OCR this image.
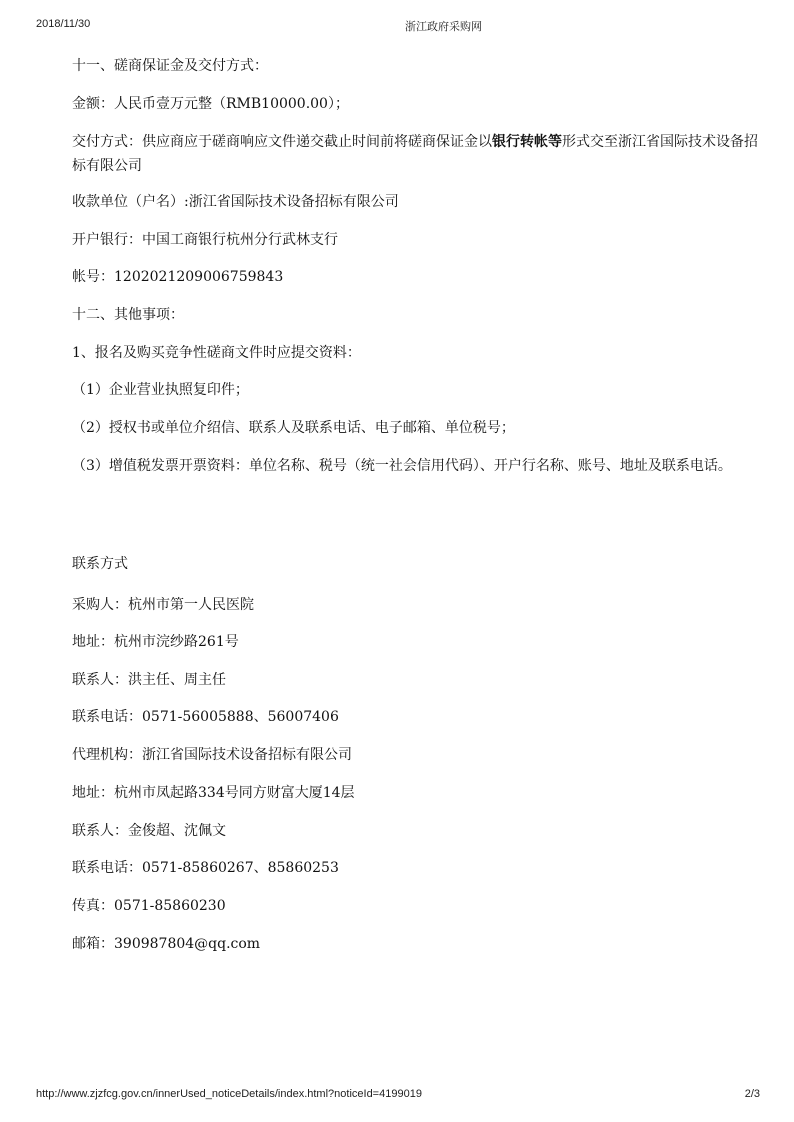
2018/11/30	浙江政府采购网

十一、磋商保证金及交付方式：

金额：人民币壹万元整（RMB10000.00）；

交付方式：供应商应于磋商响应文件递交截止时间前将磋商保证金以银行转帐等形式交至浙江省国际技术设备招标有限公司

收款单位（户名）:浙江省国际技术设备招标有限公司

开户银行：中国工商银行杭州分行武林支行

帐号：1202021209006759843

十二、其他事项：

1、报名及购买竞争性磋商文件时应提交资料：

（1）企业营业执照复印件；

（2）授权书或单位介绍信、联系人及联系电话、电子邮箱、单位税号；

（3）增值税发票开票资料：单位名称、税号（统一社会信用代码）、开户行名称、账号、地址及联系电话。

联系方式

采购人：杭州市第一人民医院

地址：杭州市浣纱路261号

联系人：洪主任、周主任

联系电话：0571-56005888、56007406

代理机构：浙江省国际技术设备招标有限公司

地址：杭州市凤起路334号同方财富大厦14层

联系人：金俊超、沈佩文

联系电话：0571-85860267、85860253

传真：0571-85860230

邮箱：390987804@qq.com

http://www.zjzfcg.gov.cn/innerUsed_noticeDetails/index.html?noticeId=4199019	2/3
